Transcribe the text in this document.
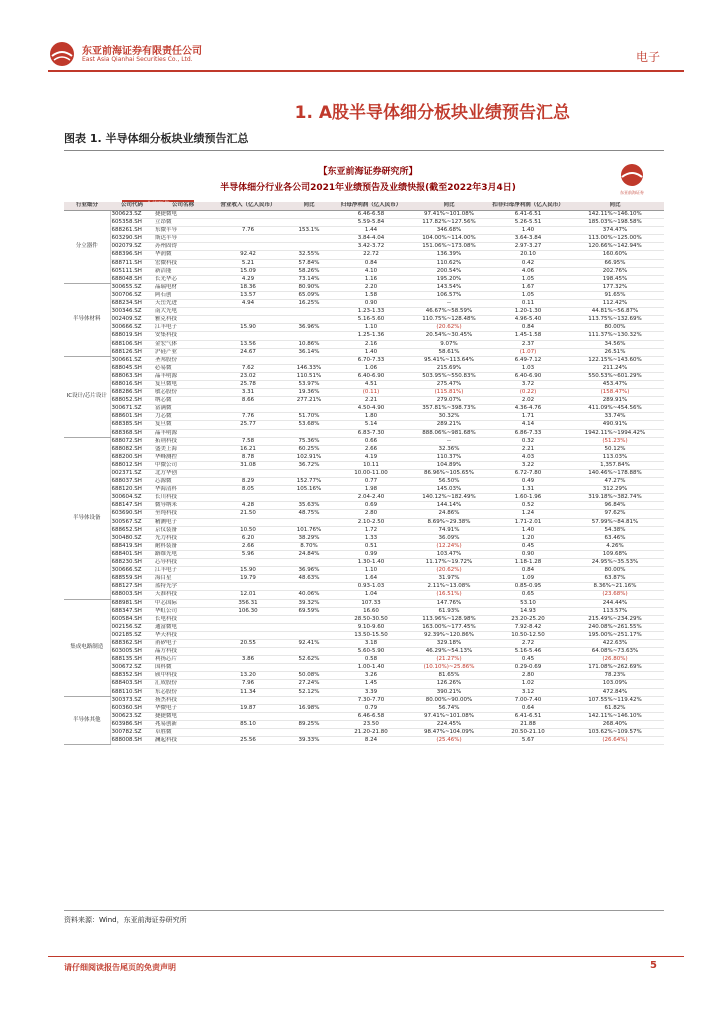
东亚前海证券有限责任公司
East Asia Qianhai Securities Co., Ltd.	电子
1. A股半导体细分板块业绩预告汇总
图表 1. 半导体细分板块业绩预告汇总
【东亚前海证券研究所】
半导体细分行业各公司2021年业绩预告及业绩快报(截至2022年3月4日)	东亚前海证券
行业细分	公司代码	公司名称	营业收入（亿人民币）	同比	归母净利润（亿人民币）	同比	扣非归母净利润（亿人民币）	同比
分立器件	300623.SZ	捷捷微电			6.46-6.58	97.41%~101.08%	6.41-6.51	142.11%~146.10%
	605358.SH	立昂微			5.59-5.84	117.82%~127.56%	5.26-5.51	185.03%~198.58%
	688261.SH	东微半导	7.76	153.1%	1.44	346.68%	1.40	374.47%
	603290.SH	斯达半导			3.84-4.04	104.00%~114.00%	3.64-3.84	113.00%~125.00%
	002079.SZ	苏州固锝			3.42-3.72	151.06%~173.08%	2.97-3.27	120.66%~142.94%
	688396.SH	华润微	92.42	32.55%	22.72	136.39%	20.10	160.60%
	688711.SH	宏微科技	5.21	57.84%	0.84	110.62%	0.42	66.95%
	605111.SH	新洁能	15.09	58.26%	4.10	200.54%	4.06	202.76%
	688048.SH	长光华芯	4.29	73.14%	1.16	195.20%	1.05	198.45%
半导体材料	300655.SZ	晶瑞电材	18.36	80.90%	2.20	143.54%	1.67	177.32%
	300706.SZ	阿石创	13.57	65.09%	1.58	106.57%	1.05	91.65%
	688234.SH	天岳先进	4.94	16.25%	0.90	--	0.11	112.42%
	300346.SZ	南大光电			1.23-1.33	46.67%~58.59%	1.20-1.30	44.81%~56.87%
	002409.SZ	雅克科技			5.16-5.60	110.75%~128.48%	4.96-5.40	113.75%~132.69%
	300666.SZ	江丰电子	15.90	36.96%	1.10	(20.62%)	0.84	80.00%
	688019.SH	安集科技			1.25-1.36	20.54%~30.45%	1.45-1.58	111.37%~130.32%
	688106.SH	金宏气体	13.56	10.86%	2.16	9.07%	2.37	34.56%
	688126.SH	沪硅产业	24.67	36.14%	1.40	58.61%	(1.07)	26.51%
IC设计/芯片设计	300661.SZ	圣邦股份			6.70-7.33	95.41%~113.64%	6.49-7.12	122.15%~143.60%
	688045.SH	必易微	7.62	146.33%	1.06	215.69%	1.03	211.24%
	688063.SH	晶丰明源	23.02	110.51%	6.40-6.90	503.95%~550.83%	6.40-6.90	550.53%~601.29%
	688016.SH	复旦微电	25.78	53.97%	4.51	275.47%	3.72	453.47%
	688286.SH	敏芯股份	3.31	19.36%	(0.11)	(115.81%)	(0.22)	(158.47%)
	688052.SH	纳芯微	8.66	277.21%	2.21	279.07%	2.02	289.91%
	300671.SZ	富满微			4.50-4.90	357.81%~398.73%	4.36-4.76	411.09%~454.56%
	688601.SH	力芯微	7.76	51.70%	1.80	30.32%	1.71	33.74%
	688385.SH	复旦微	25.77	53.68%	5.14	289.21%	4.14	490.91%
	688368.SH	晶丰明源			6.83-7.30	888.06%~981.68%	6.86-7.33	1942.11%~1994.42%
半导体设备	688072.SH	拓荆科技	7.58	75.36%	0.66	--	0.32	(51.23%)
	688082.SH	盛美上海	16.21	60.25%	2.66	32.36%	2.21	50.12%
	688200.SH	华峰测控	8.78	102.91%	4.19	110.37%	4.03	113.03%
	688012.SH	中微公司	31.08	36.72%	10.11	104.89%	3.22	1,357.84%
	002371.SZ	北方华创			10.00-11.00	86.96%~105.65%	6.72-7.80	140.46%~178.88%
	688037.SH	芯源微	8.29	152.77%	0.77	56.50%	0.49	47.27%
	688120.SH	华海清科	8.05	105.16%	1.98	145.03%	1.31	312.29%
	300604.SZ	长川科技			2.04-2.40	140.12%~182.49%	1.60-1.96	319.18%~382.74%
	688147.SH	微导纳米	4.28	35.63%	0.69	144.14%	0.52	96.84%
	603690.SH	至纯科技	21.50	48.75%	2.80	24.86%	1.24	97.62%
	300567.SZ	精测电子			2.10-2.50	8.69%~29.38%	1.71-2.01	57.99%~84.81%
	688652.SH	京仪装备	10.50	101.76%	1.72	74.91%	1.40	54.38%
	300480.SZ	光力科技	6.20	38.29%	1.33	36.09%	1.20	63.46%
	688419.SH	耐科装备	2.66	8.70%	0.51	(12.24%)	0.45	4.26%
	688401.SH	路维光电	5.96	24.84%	0.99	103.47%	0.90	109.68%
	688230.SH	芯导科技			1.30-1.40	11.17%~19.72%	1.18-1.28	24.95%~35.53%
	300666.SZ	江丰电子	15.90	36.96%	1.10	(20.62%)	0.84	80.00%
	688559.SH	海目星	19.79	48.63%	1.64	31.97%	1.09	63.87%
	688127.SH	蓝特光学			0.93-1.03	2.11%~13.08%	0.85-0.95	8.36%~21.16%
	688003.SH	天准科技	12.01	40.06%	1.04	(16.51%)	0.65	(23.68%)
集成电路制造	688981.SH	中芯国际	356.31	39.32%	107.33	147.76%	53.10	244.44%
	688347.SH	华虹公司	106.30	69.59%	16.60	61.93%	14.93	113.57%
	600584.SH	长电科技			28.50-30.50	113.96%~128.98%	23.20-25.20	215.49%~234.29%
	002156.SZ	通富微电			9.10-9.60	163.00%~177.45%	7.92-8.42	240.08%~261.55%
	002185.SZ	华天科技			13.50-15.50	92.39%~120.86%	10.50-12.50	195.00%~251.17%
	688362.SH	甬矽电子	20.55	92.41%	3.18	329.18%	2.72	422.63%
	603005.SH	晶方科技			5.60-5.90	46.29%~54.13%	5.16-5.46	64.08%~73.63%
	688135.SH	利扬芯片	3.86	52.62%	0.58	(21.27%)	0.45	(26.80%)
	300672.SZ	国科微			1.00-1.40	(10.10%)~25.86%	0.29-0.69	171.08%~262.69%
	688352.SH	颀中科技	13.20	50.08%	3.26	81.65%	2.80	78.23%
	688403.SH	汇成股份	7.96	27.24%	1.45	126.26%	1.02	103.09%
	688110.SH	东芯股份	11.34	52.12%	3.39	390.21%	3.12	472.84%
半导体其他	300373.SZ	扬杰科技			7.30-7.70	80.00%~90.00%	7.00-7.40	107.55%~119.42%
	600360.SH	华微电子	19.87	16.98%	0.79	56.74%	0.64	61.82%
	300623.SZ	捷捷微电			6.46-6.58	97.41%~101.08%	6.41-6.51	142.11%~146.10%
	603986.SH	兆易创新	85.10	89.25%	23.50	224.45%	21.88	268.40%
	300782.SZ	卓胜微			21.20-21.80	98.47%~104.09%	20.50-21.10	103.62%~109.57%
	688008.SH	澜起科技	25.56	39.33%	8.24	(25.46%)	5.67	(26.64%)
资料来源：Wind，东亚前海证券研究所
请仔细阅读报告尾页的免责声明	5
